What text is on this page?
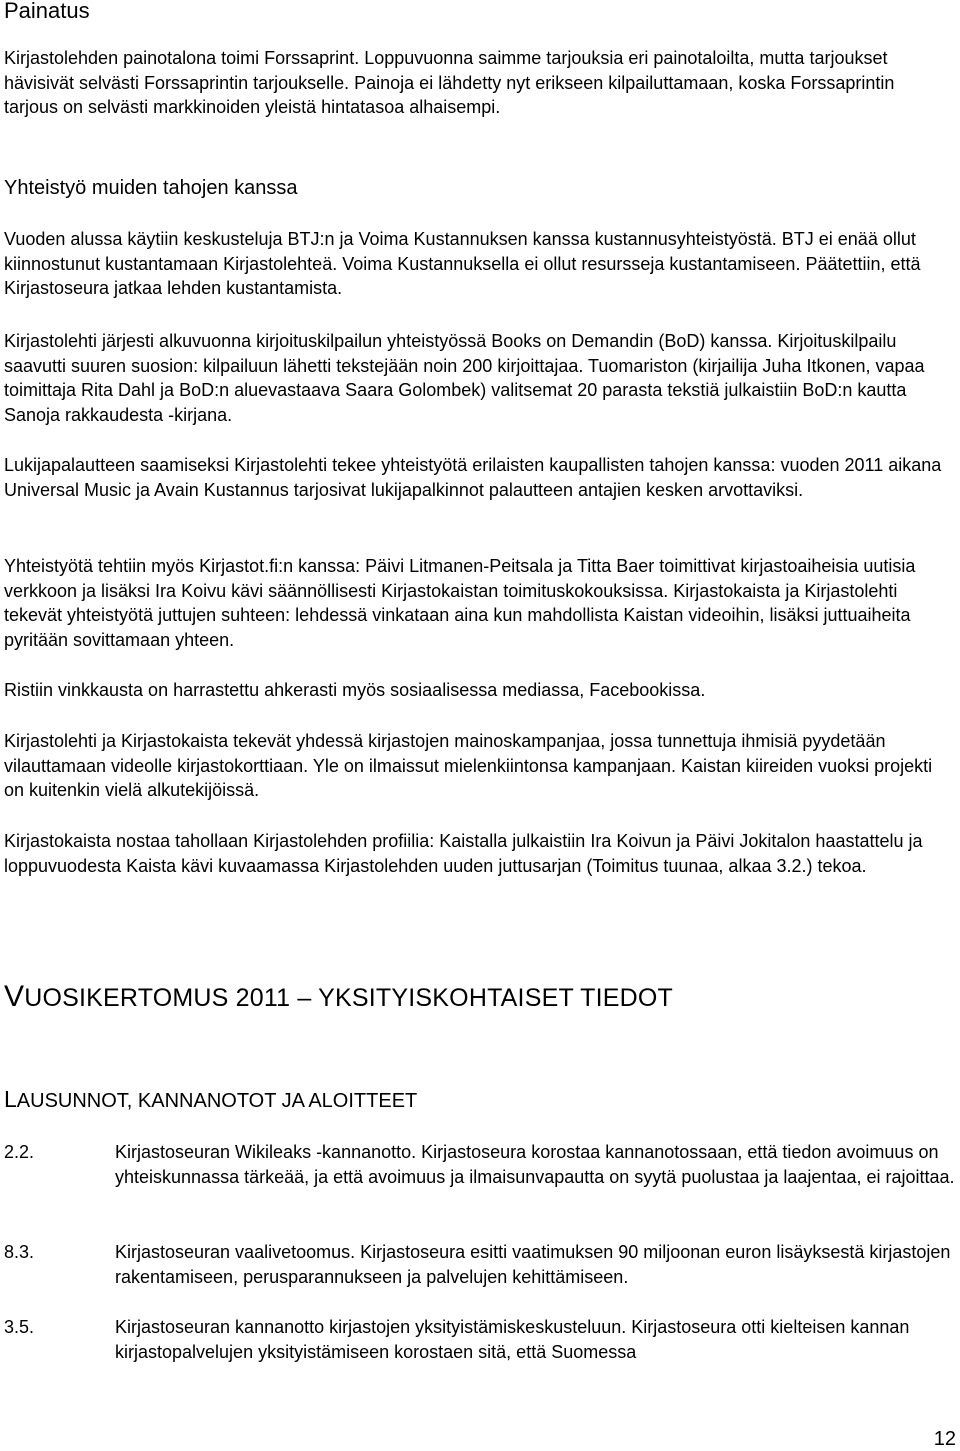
Painatus

Kirjastolehden painotalona toimi Forssaprint. Loppuvuonna saimme tarjouksia eri painotaloilta, mutta tarjoukset hävisivät selvästi Forssaprintin tarjoukselle. Painoja ei lähdetty nyt erikseen kilpailuttamaan, koska Forssaprintin tarjous on selvästi markkinoiden yleistä hintatasoa alhaisempi.

Yhteistyö muiden tahojen kanssa

Vuoden alussa käytiin keskusteluja BTJ:n ja Voima Kustannuksen kanssa kustannusyhteistyöstä. BTJ ei enää ollut kiinnostunut kustantamaan Kirjastolehteä. Voima Kustannuksella ei ollut resursseja kustantamiseen. Päätettiin, että Kirjastoseura jatkaa lehden kustantamista.

Kirjastolehti järjesti alkuvuonna kirjoituskilpailun yhteistyössä Books on Demandin (BoD) kanssa. Kirjoituskilpailu saavutti suuren suosion: kilpailuun lähetti tekstejään noin 200 kirjoittajaa. Tuomariston (kirjailija Juha Itkonen, vapaa toimittaja Rita Dahl ja BoD:n aluevastaava Saara Golombek) valitsemat 20 parasta tekstiä julkaistiin BoD:n kautta Sanoja rakkaudesta -kirjana.

Lukijapalautteen saamiseksi Kirjastolehti tekee yhteistyötä erilaisten kaupallisten tahojen kanssa: vuoden 2011 aikana Universal Music ja Avain Kustannus tarjosivat lukijapalkinnot palautteen antajien kesken arvottaviksi.

Yhteistyötä tehtiin myös Kirjastot.fi:n kanssa: Päivi Litmanen-Peitsala ja Titta Baer toimittivat kirjastoaiheisia uutisia verkkoon ja lisäksi Ira Koivu kävi säännöllisesti Kirjastokaistan toimituskokouksissa. Kirjastokaista ja Kirjastolehti tekevät yhteistyötä juttujen suhteen: lehdessä vinkataan aina kun mahdollista Kaistan videoihin, lisäksi juttuaiheita pyritään sovittamaan yhteen.

Ristiin vinkkausta on harrastettu ahkerasti myös sosiaalisessa mediassa, Facebookissa.

Kirjastolehti ja Kirjastokaista tekevät yhdessä kirjastojen mainoskampanjaa, jossa tunnettuja ihmisiä pyydetään vilauttamaan videolle kirjastokorttiaan. Yle on ilmaissut mielenkiintonsa kampanjaan. Kaistan kiireiden vuoksi projekti on kuitenkin vielä alkutekijöissä.

Kirjastokaista nostaa tahollaan Kirjastolehden profiilia: Kaistalla julkaistiin Ira Koivun ja Päivi Jokitalon haastattelu ja loppuvuodesta Kaista kävi kuvaamassa Kirjastolehden uuden juttusarjan (Toimitus tuunaa, alkaa 3.2.) tekoa.

VUOSIKERTOMUS 2011 – YKSITYISKOHTAISET TIEDOT
LAUSUNNOT, KANNANOTOT JA ALOITTEET
2.2.	Kirjastoseuran Wikileaks -kannanotto. Kirjastoseura korostaa kannanotossaan, että tiedon avoimuus on yhteiskunnassa tärkeää, ja että avoimuus ja ilmaisunvapautta on syytä puolustaa ja laajentaa, ei rajoittaa.
8.3.	Kirjastoseuran vaalivetoomus. Kirjastoseura esitti vaatimuksen 90 miljoonan euron lisäyksestä kirjastojen rakentamiseen, perusparannukseen ja palvelujen kehittämiseen.
3.5.	Kirjastoseuran kannanotto kirjastojen yksityistämiskeskusteluun. Kirjastoseura otti kielteisen kannan kirjastopalvelujen yksityistämiseen korostaen sitä, että Suomessa
12
